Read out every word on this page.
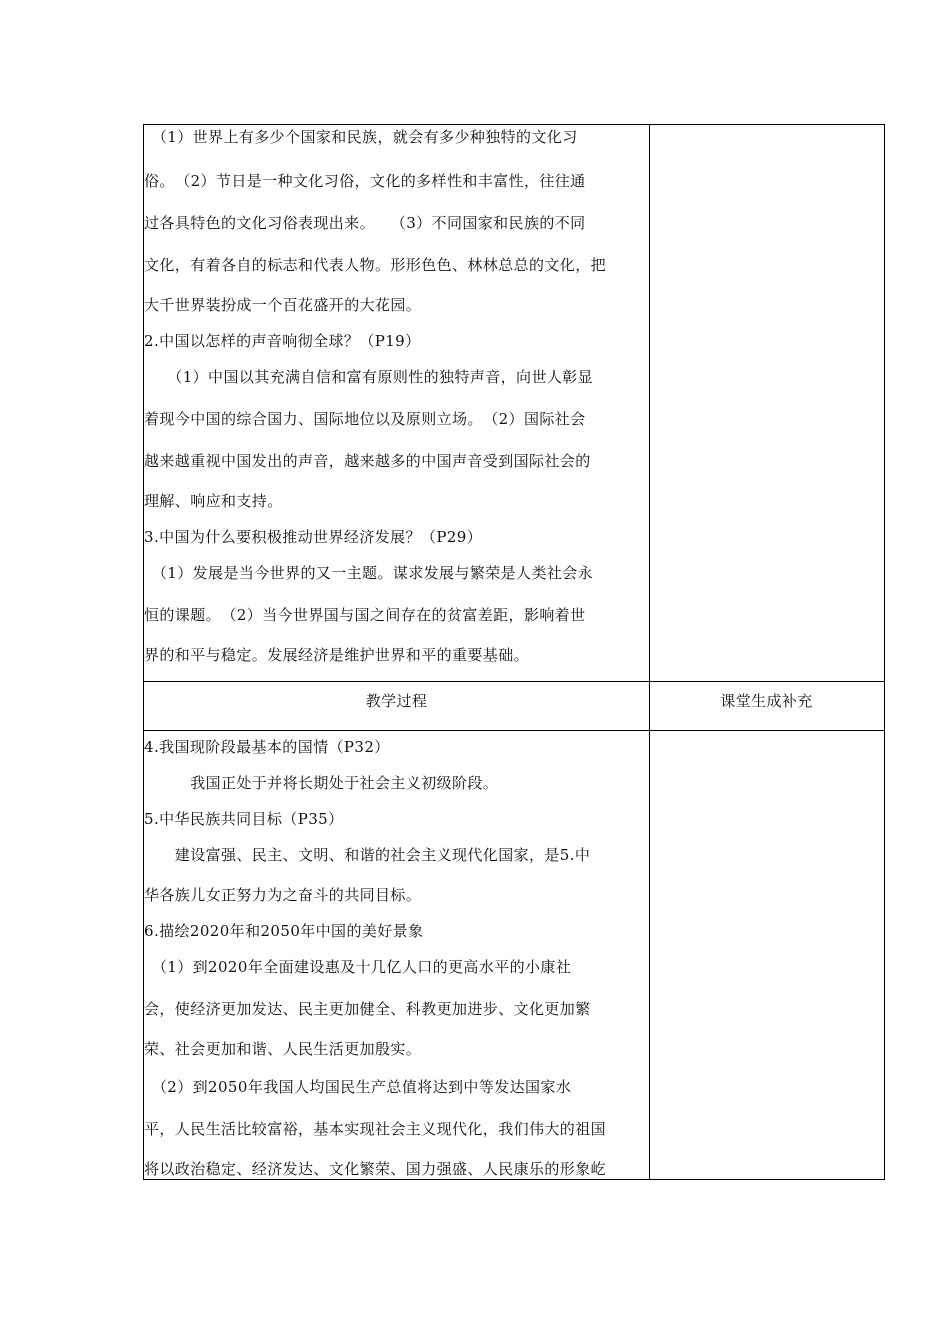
　（1）世界上有多少个国家和民族，就会有多少种独特的文化习
俗。　（2）节日是一种文化习俗，文化的多样性和丰富性，往往通
过各具特色的文化习俗表现出来。　　（3）不同国家和民族的不同
文化，有着各自的标志和代表人物。形形色色、林林总总的文化，把
大千世界装扮成一个百花盛开的大花园。
2.中国以怎样的声音响彻全球？（P19）
　　（1）中国以其充满自信和富有原则性的独特声音，向世人彰显
着现今中国的综合国力、国际地位以及原则立场。　（2）国际社会
越来越重视中国发出的声音，越来越多的中国声音受到国际社会的
理解、响应和支持。
3.中国为什么要积极推动世界经济发展？（P29）
　（1）发展是当今世界的又一主题。谋求发展与繁荣是人类社会永
恒的课题。　（2）当今世界国与国之间存在的贫富差距，影响着世
界的和平与稳定。发展经济是维护世界和平的重要基础。
教学过程	课堂生成补充
4.我国现阶段最基本的国情（P32）
　　　我国正处于并将长期处于社会主义初级阶段。
5.中华民族共同目标（P35）
　　建设富强、民主、文明、和谐的社会主义现代化国家，是5.中
华各族儿女正努力为之奋斗的共同目标。
6.描绘2020年和2050年中国的美好景象
　（1）到2020年全面建设惠及十几亿人口的更高水平的小康社
会，使经济更加发达、民主更加健全、科教更加进步、文化更加繁
荣、社会更加和谐、人民生活更加殷实。
　（2）到2050年我国人均国民生产总值将达到中等发达国家水
平，人民生活比较富裕，基本实现社会主义现代化，我们伟大的祖国
将以政治稳定、经济发达、文化繁荣、国力强盛、人民康乐的形象屹
